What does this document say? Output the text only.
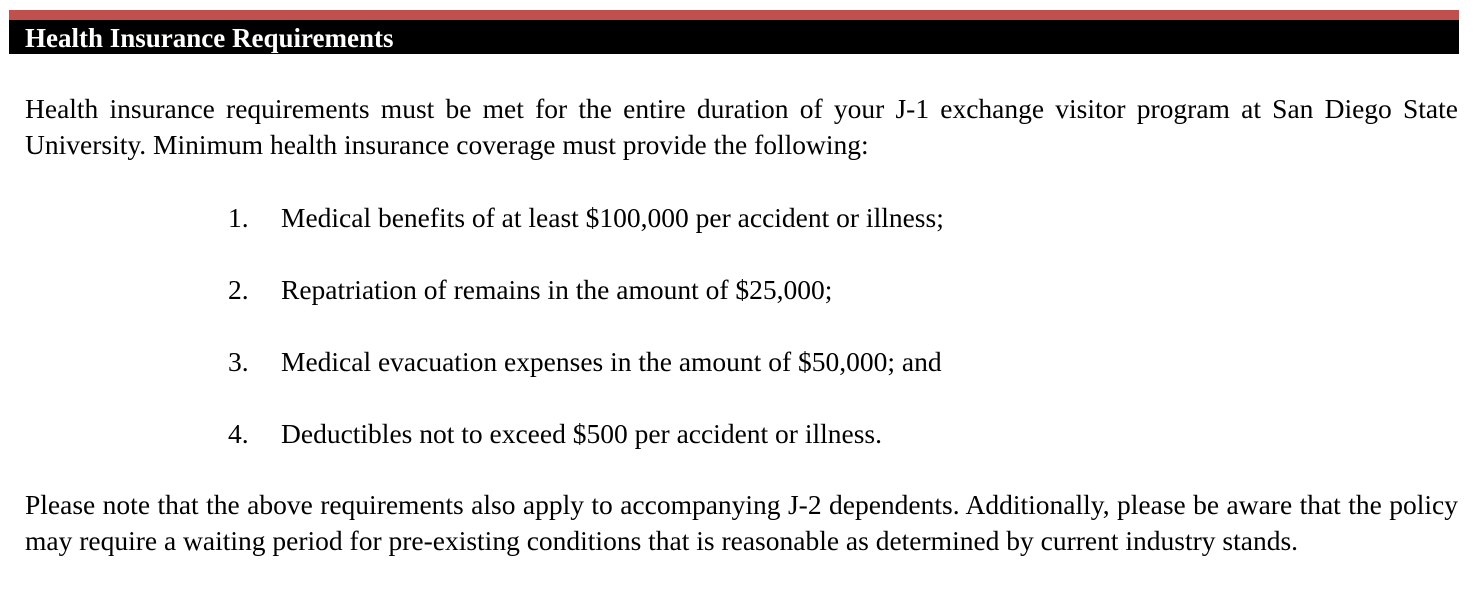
Health Insurance Requirements

Health insurance requirements must be met for the entire duration of your J-1 exchange visitor program at San Diego State University. Minimum health insurance coverage must provide the following:

1. Medical benefits of at least $100,000 per accident or illness;
2. Repatriation of remains in the amount of $25,000;
3. Medical evacuation expenses in the amount of $50,000; and
4. Deductibles not to exceed $500 per accident or illness.

Please note that the above requirements also apply to accompanying J-2 dependents. Additionally, please be aware that the policy may require a waiting period for pre-existing conditions that is reasonable as determined by current industry stands.
